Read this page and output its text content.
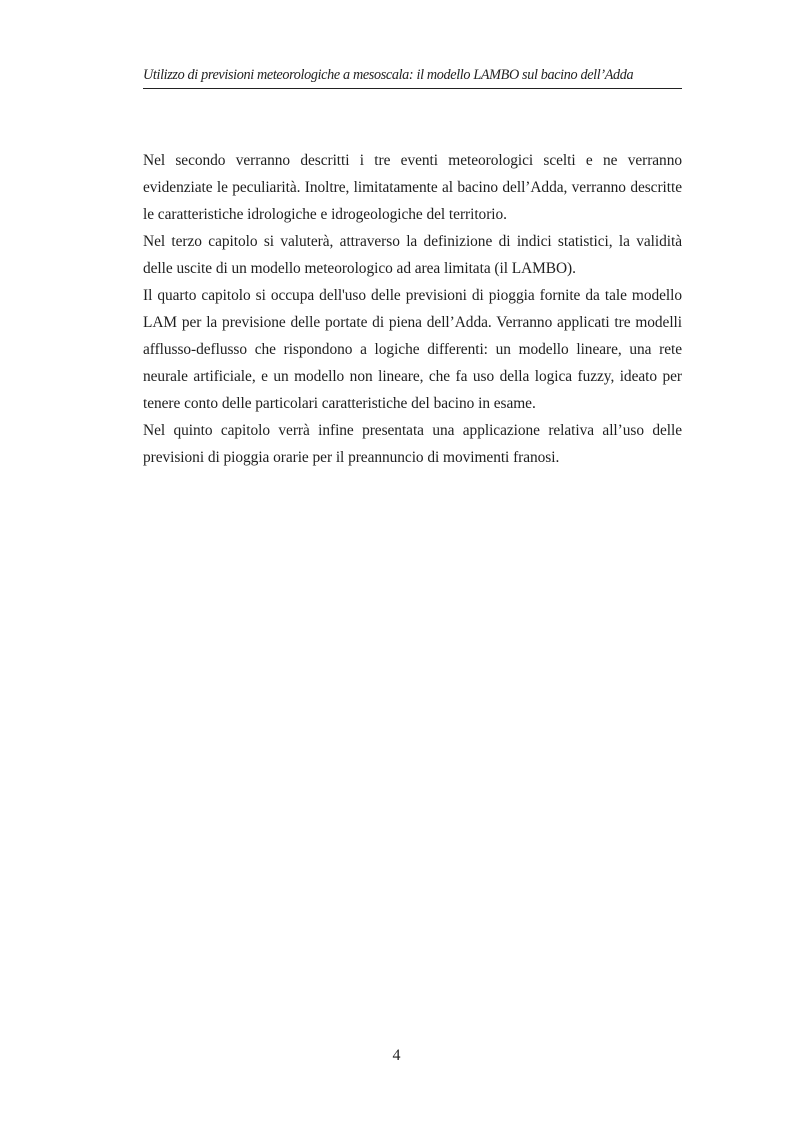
Utilizzo di previsioni meteorologiche a mesoscala: il modello LAMBO sul bacino dell’Adda

Nel secondo verranno descritti i tre eventi meteorologici scelti e ne verranno evidenziate le peculiarità. Inoltre, limitatamente al bacino dell’Adda, verranno descritte le caratteristiche idrologiche e idrogeologiche del territorio.

Nel terzo capitolo si valuterà, attraverso la definizione di indici statistici, la validità delle uscite di un modello meteorologico ad area limitata (il LAMBO).

Il quarto capitolo si occupa dell'uso delle previsioni di pioggia fornite da tale modello LAM per la previsione delle portate di piena dell’Adda. Verranno applicati tre modelli afflusso-deflusso che rispondono a logiche differenti: un modello lineare, una rete neurale artificiale, e un modello non lineare, che fa uso della logica fuzzy, ideato per tenere conto delle particolari caratteristiche del bacino in esame.

Nel quinto capitolo verrà infine presentata una applicazione relativa all’uso delle previsioni di pioggia orarie per il preannuncio di movimenti franosi.

4
